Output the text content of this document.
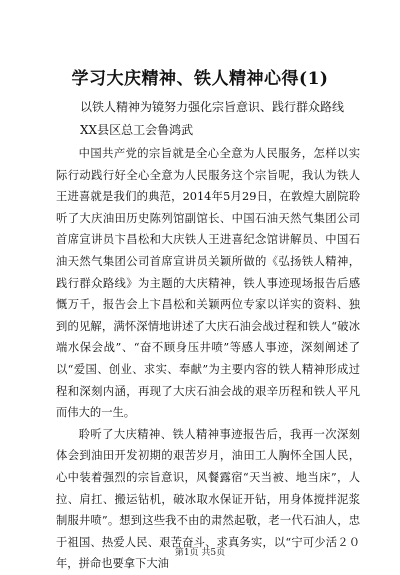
学习大庆精神、铁人精神心得(1)
以铁人精神为镜努力强化宗旨意识、践行群众路线
XX县区总工会鲁鸿武

中国共产党的宗旨就是全心全意为人民服务，怎样以实际行动践行好全心全意为人民服务这个宗旨呢，我认为铁人王进喜就是我们的典范，2014年5月29日，在敦煌大剧院聆听了大庆油田历史陈列馆副馆长、中国石油天然气集团公司首席宣讲员卞昌松和大庆铁人王进喜纪念馆讲解员、中国石油天然气集团公司首席宣讲员关颖所做的《弘扬铁人精神，践行群众路线》为主题的大庆精神，铁人事迹现场报告后感慨万千，报告会上卞昌松和关颖两位专家以详实的资料、独到的见解，满怀深情地讲述了大庆石油会战过程和铁人“破冰端水保会战”、“奋不顾身压井喷”等感人事迹，深刻阐述了以“爱国、创业、求实、奉献”为主要内容的铁人精神形成过程和深刻内涵，再现了大庆石油会战的艰辛历程和铁人平凡而伟大的一生。

聆听了大庆精神、铁人精神事迹报告后，我再一次深刻体会到油田开发初期的艰苦岁月，油田工人胸怀全国人民，心中装着强烈的宗旨意识，风餐露宿“天当被、地当床”，人拉、肩扛、搬运钻机，破冰取水保证开钻，用身体搅拌泥浆制服井喷”。想到这些我不由的肃然起敬，老一代石油人，忠于祖国、热爱人民、艰苦奋斗、求真务实，以“宁可少活２０年，拼命也要拿下大油

第1页 共5页
